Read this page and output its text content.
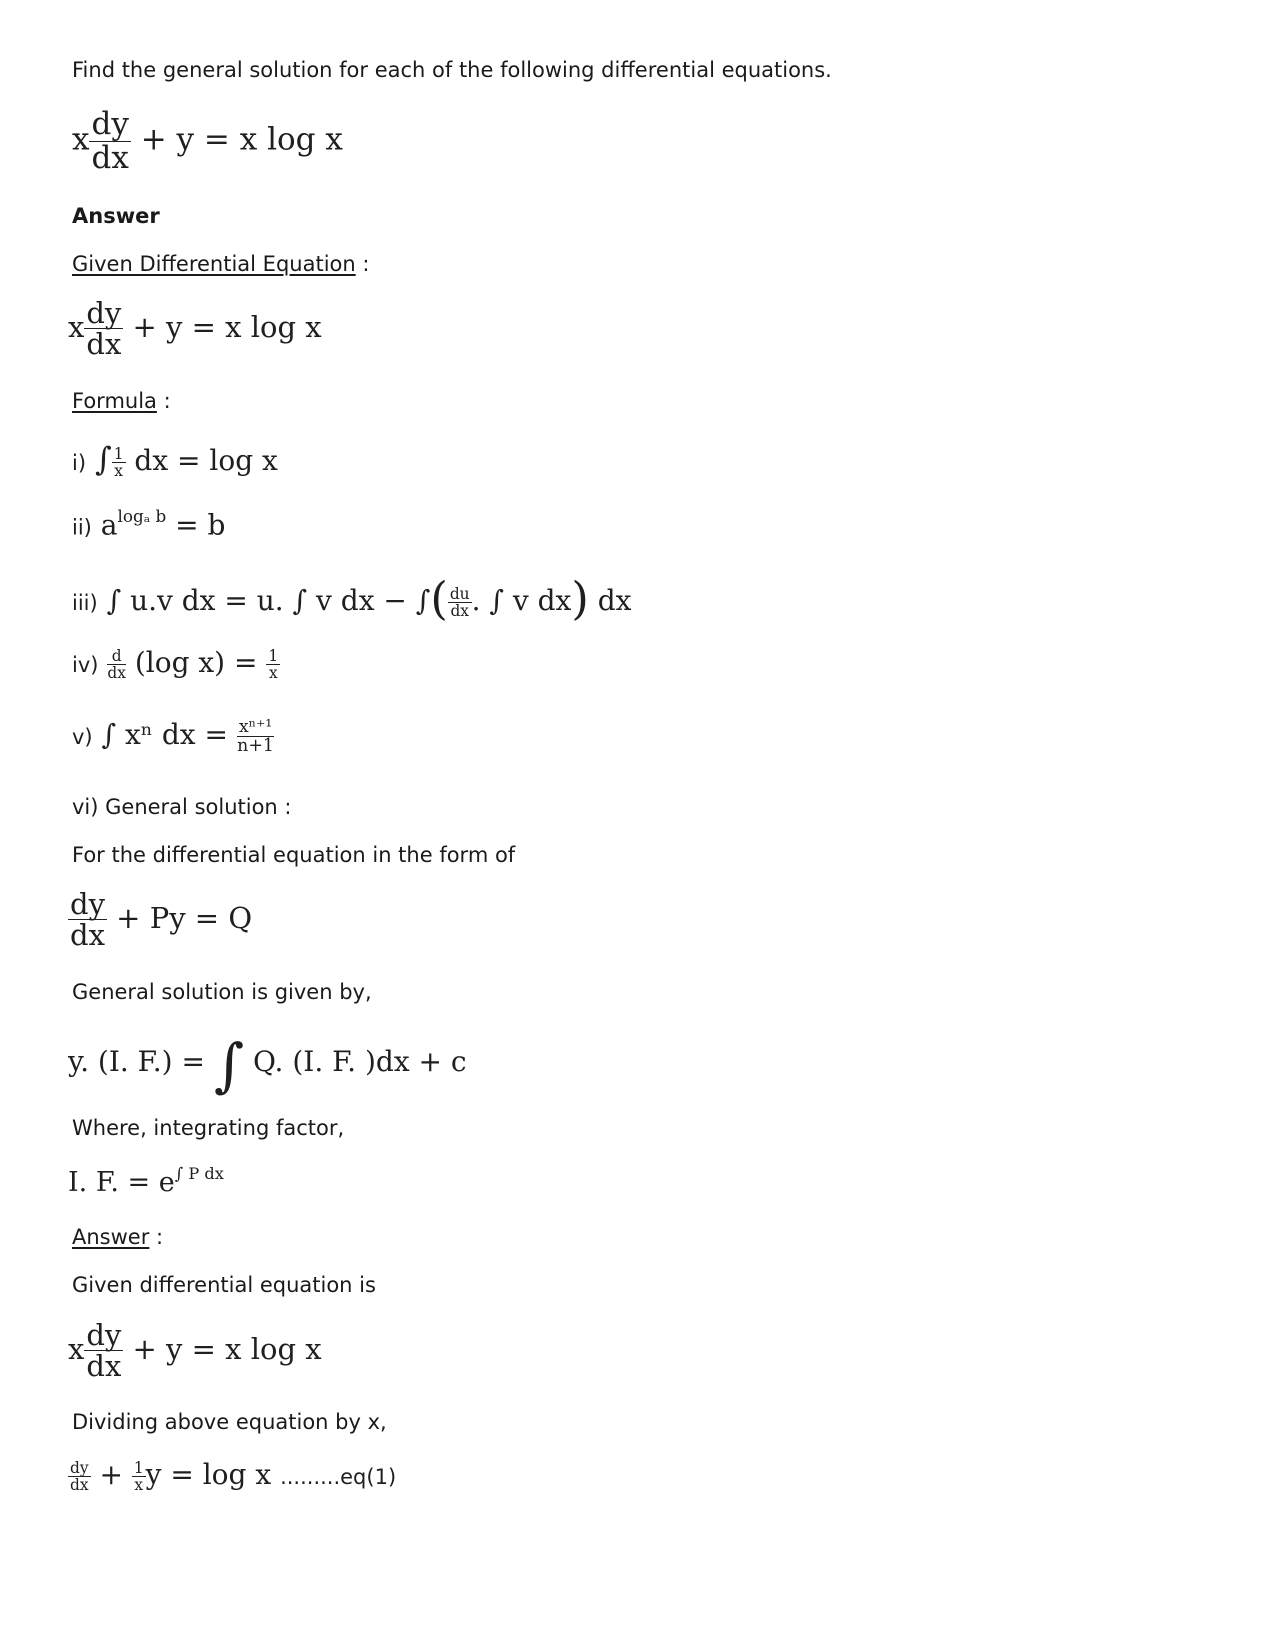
Find the general solution for each of the following differential equations.
x $\frac{dy}{dx} + y = x$ log x
Answer
Given Differential Equation :
x $\frac{dy}{dx} + y = x$ log x
Formula :
i) ∫ $\frac{1}{x}$ dx = log x
ii) $a^{log_a b} = b$
iii) ∫ u.v dx = u. ∫ v dx − ∫( $\frac{du}{dx}$ . ∫ v dx) dx
$iv) \frac{d}{dx} (\log$ $x) = \frac{1}{x}$
v) ∫ xⁿ dx = $\frac{\text{xⁿ⁺¹}}{n+1}$
vi) General solution :
For the differential equation in the form of
$\frac{dy}{dx} + Py = Q$
General solution is given by,
y. (I. F.) = ∫ Q. (I. F. )dx + c
Where, integrating factor,
I. F. = $e^{\int P dx}$
Answer :
Given differential equation is
x $\frac{dy}{dx} + y = x$ log x
Dividing above equation by x,
$\frac{dy}{dx} + \frac{1}{x}$ y = log x .........eq(1)
